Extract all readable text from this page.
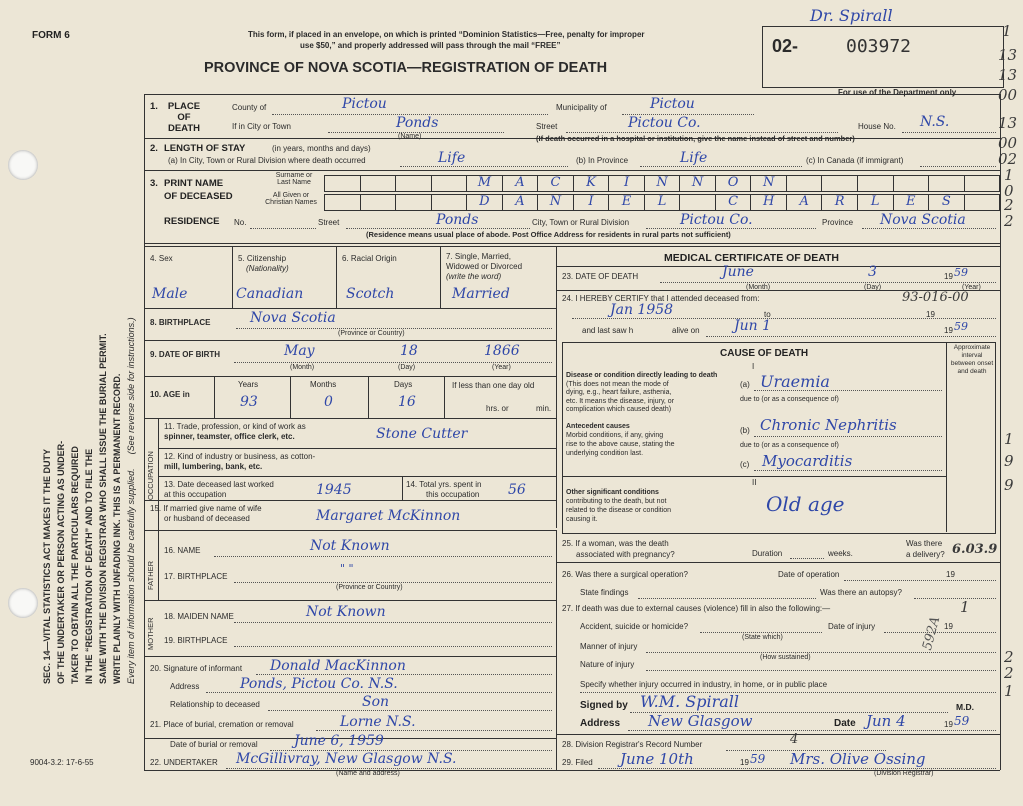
FORM 6	This form, if placed in an envelope, on which is printed “Dominion Statistics—Free, penalty for improper
use $50,” and properly addressed will pass through the mail “FREE”
PROVINCE OF NOVA SCOTIA—REGISTRATION OF DEATH
Dr. Spirall
02-	003972
For use of the Department only
1
13
13
00
13
00
02
1
0
2
2
1
9
9
1
2
2
1
SEC. 14—VITAL STATISTICS ACT MAKES IT THE DUTY OF THE UNDERTAKER OR PERSON ACTING AS UNDER- TAKER TO OBTAIN ALL THE PARTICULARS REQUIRED IN THE “REGISTRATION OF DEATH” AND TO FILE THE SAME WITH THE DIVISION REGISTRAR WHO SHALL ISSUE THE BURIAL PERMIT. WRITE PLAINLY WITH UNFADING INK. THIS IS A PERMANENT RECORD. Every item of information should be carefully supplied.
(See reverse side for instructions.)
1.	PLACE OF DEATH
County of	Pictou	Municipality of	Pictou
If in City or Town	Ponds
(Name)
Street	Pictou Co.	House No. N.S.
(If death occurred in a hospital or institution, give the name instead of street and number)
2. LENGTH OF STAY	(in years, months and days)
(a) In City, Town or Rural Division where death occurred	Life	(b) In Province	Life	(c) In Canada (if immigrant)
3. PRINT NAME
OF DECEASED
Surname or
Last Name
All Given or
Christian Names
M	A	C	K	I	N	N	O	N
D	A	N	I	E	L	C	H	A	R	L	E	S
RESIDENCE No.	Street	Ponds	City, Town or Rural Division	Pictou Co.	Province Nova Scotia
(Residence means usual place of abode. Post Office Address for residents in rural parts not sufficient)
4. Sex	5. Citizenship
(Nationality)
6. Racial Origin	7. Single, Married,
Widowed or Divorced
(write the word)
Male	Canadian	Scotch	Married
8. BIRTHPLACE	Nova Scotia
(Province or Country)
9. DATE OF BIRTH	May	18	1866
(Month)	(Day)	(Year)
10. AGE in
Years	Months	Days
93	0	16
If less than one day old
hrs. or	min.
OCCUPATION
11. Trade, profession, or kind of work as
spinner, teamster, office clerk, etc.	Stone Cutter
12. Kind of industry or business, as cotton-
mill, lumbering, bank, etc.
13. Date deceased last worked
at this occupation	1945	14. Total yrs. spent in
this occupation 56
15. If married give name of wife
or husband of deceased	Margaret McKinnon
FATHER
MOTHER
16. NAME	Not Known
17. BIRTHPLACE
" "
(Province or Country)
18. MAIDEN NAME	Not Known
19. BIRTHPLACE
20. Signature of informant Donald MacKinnon
Address	Ponds, Pictou Co. N.S.
Relationship to deceased	Son
21. Place of burial, cremation or removal	Lorne N.S.
Date of burial or removal	June 6, 1959
22. UNDERTAKER McGillivray, New Glasgow N.S.
(Name and address)
MEDICAL CERTIFICATE OF DEATH
23. DATE OF DEATH	June	3	19 59
(Month)	(Day)	(Year)
24. I HEREBY CERTIFY that I attended deceased from:	93-016-00
Jan 1958	to	19
and last saw h	alive on Jun 1	19 59
CAUSE OF DEATH
Approximate interval between onset and death
I
Disease or condition directly leading to death
(This does not mean the mode of
dying, e.g., heart failure, asthenia,
etc. It means the disease, injury, or
complication which caused death)
(a) Uraemia
due to (or as a consequence of)
Antecedent causes
Morbid conditions, if any, giving
rise to the above cause, stating the
underlying condition last.
(b) Chronic Nephritis
due to (or as a consequence of)
(c) Myocarditis
II
Other significant conditions
contributing to the death, but not
related to the disease or condition
causing it.
Old age
25. If a woman, was the death
associated with pregnancy?	Duration	weeks.
Was there
a delivery? 6.03.9
26. Was there a surgical operation?	Date of operation	19
State findings	Was there an autopsy?
27. If death was due to external causes (violence) fill in also the following:—
Accident, suicide or homicide?
(State which)
Date of injury	19
Manner of injury
(How sustained)
Nature of injury
Specify whether injury occurred in industry, in home, or in public place
592A
Signed by W.M. Spirall	M.D.
Address New Glasgow	Date Jun 4	19 59
28. Division Registrar's Record Number	4
29. Filed June 10th	19 59 Mrs. Olive Ossing
(Division Registrar)
9004-3.2: 17-6-55
